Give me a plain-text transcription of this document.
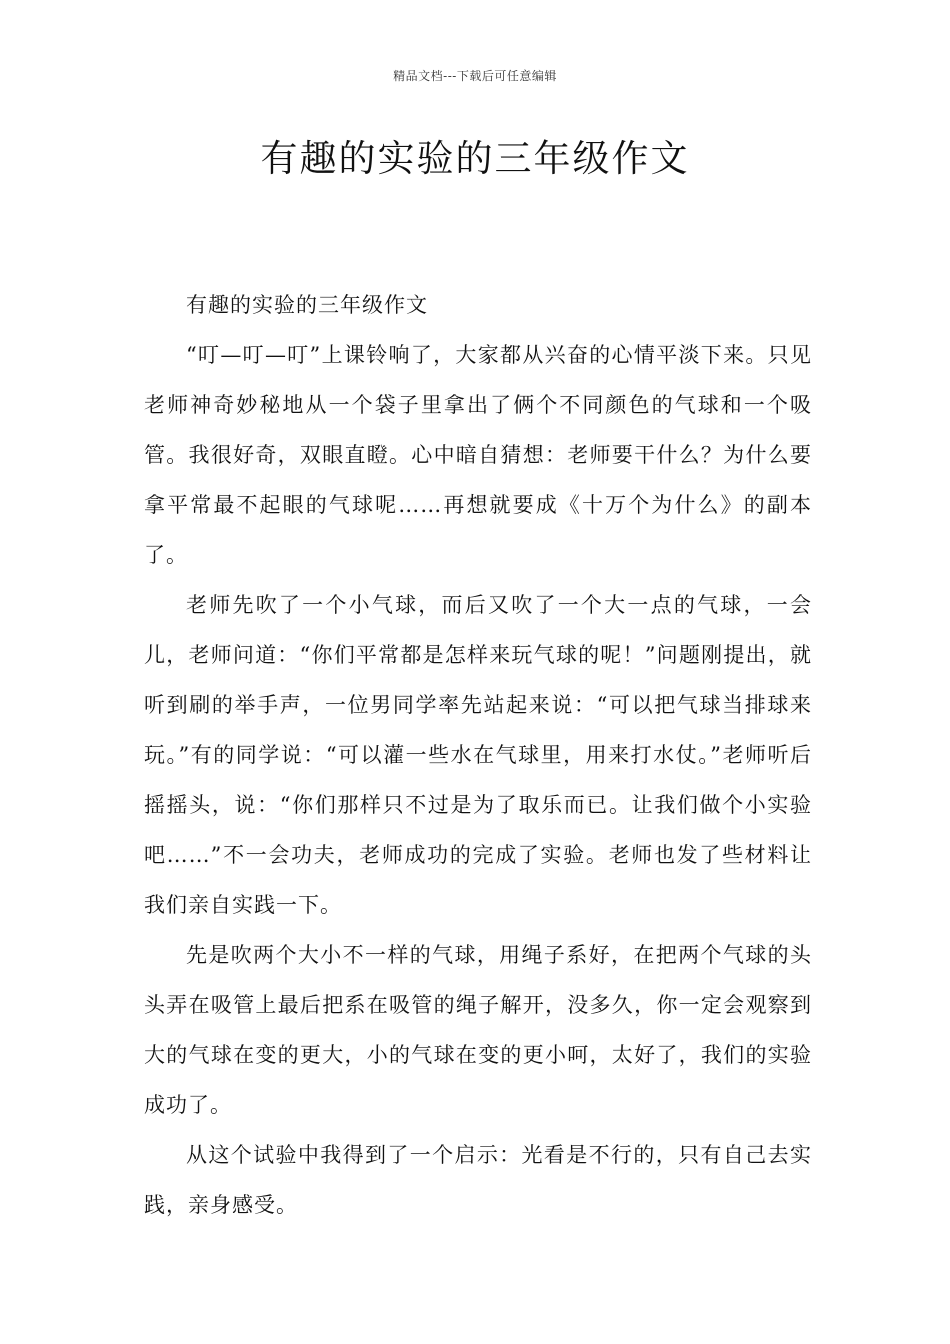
精品文档---下载后可任意编辑
有趣的实验的三年级作文

有趣的实验的三年级作文

“叮—叮—叮”上课铃响了，大家都从兴奋的心情平淡下来。只见老师神奇妙秘地从一个袋子里拿出了俩个不同颜色的气球和一个吸管。我很好奇，双眼直瞪。心中暗自猜想：老师要干什么？为什么要拿平常最不起眼的气球呢……再想就要成《十万个为什么》的副本了。

老师先吹了一个小气球，而后又吹了一个大一点的气球，一会儿，老师问道：“你们平常都是怎样来玩气球的呢！”问题刚提出，就听到刷的举手声，一位男同学率先站起来说：“可以把气球当排球来玩。”有的同学说：“可以灌一些水在气球里，用来打水仗。”老师听后摇摇头，说：“你们那样只不过是为了取乐而已。让我们做个小实验吧……”不一会功夫，老师成功的完成了实验。老师也发了些材料让我们亲自实践一下。

先是吹两个大小不一样的气球，用绳子系好，在把两个气球的头头弄在吸管上最后把系在吸管的绳子解开，没多久，你一定会观察到大的气球在变的更大，小的气球在变的更小呵，太好了，我们的实验成功了。

从这个试验中我得到了一个启示：光看是不行的，只有自己去实践，亲身感受。
